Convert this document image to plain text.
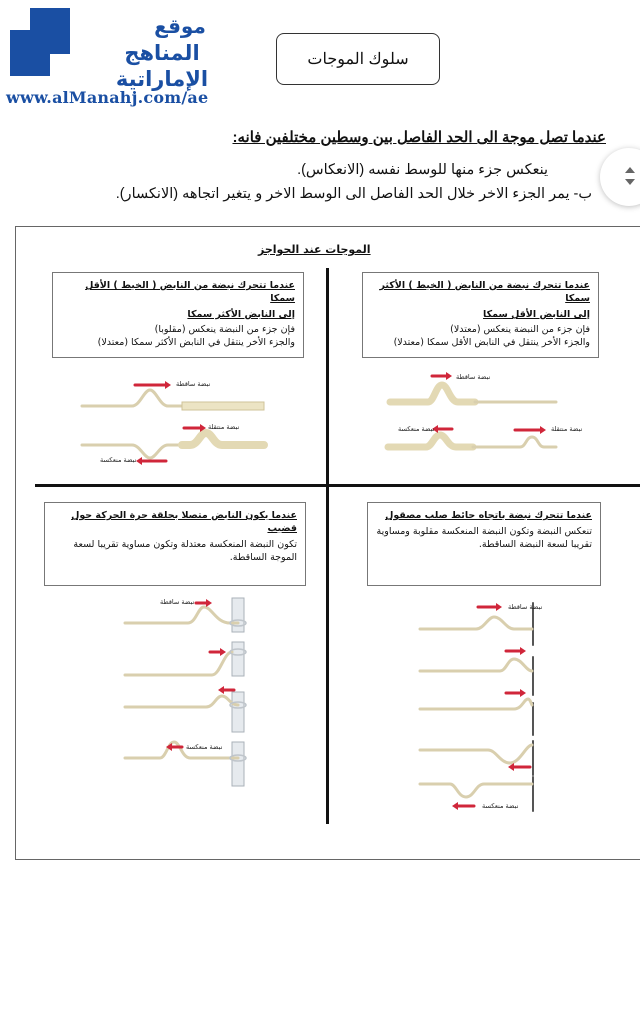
موقع
المناهج الإماراتية
www.alManahj.com/ae
سلوك الموجات
عندما تصل موجة الى الحد الفاصل بين وسطين مختلفين فانه:
ينعكس جزء منها للوسط نفسه (الانعكاس).
ب- يمر الجزء الاخر خلال الحد الفاصل الى الوسط الاخر و يتغير اتجاهه (الانكسار).
الموجات عند الحواجز
عندما تتحرك نبضة من النابض ( الخيط ) الأكثر سمكا
إلى النابض الأقل سمكا
فإن جزء من النبضة ينعكس (معتدلا)
والجزء الأخر ينتقل في النابض الأقل سمكا (معتدلا)
عندما تتحرك نبضة من النابض ( الخيط ) الأقل سمكا
إلى النابض الأكثر سمكا
فإن جزء من النبضة ينعكس (مقلوبا)
والجزء الأخر ينتقل في النابض الأكثر سمكا (معتدلا)
عندما تتحرك نبضة باتجاه حائط صلب مصقول
تنعكس النبضة وتكون النبضة المنعكسة مقلوبة ومساوية
تقريبا لسعة النبضة الساقطة.
عندما يكون النابض متصلا بحلقة حرة الحركة حول قضيب
تكون النبضة المنعكسة معتدلة وتكون مساوية تقريبا لسعة
الموجة الساقطة.
نبضة ساقطة
نبضة منتقلة
نبضة منعكسة
نبضة ساقطة
نبضة منعكسة	نبضة منتقلة
نبضة ساقطة
نبضة منعكسة
نبضة ساقطة
نبضة منعكسة
